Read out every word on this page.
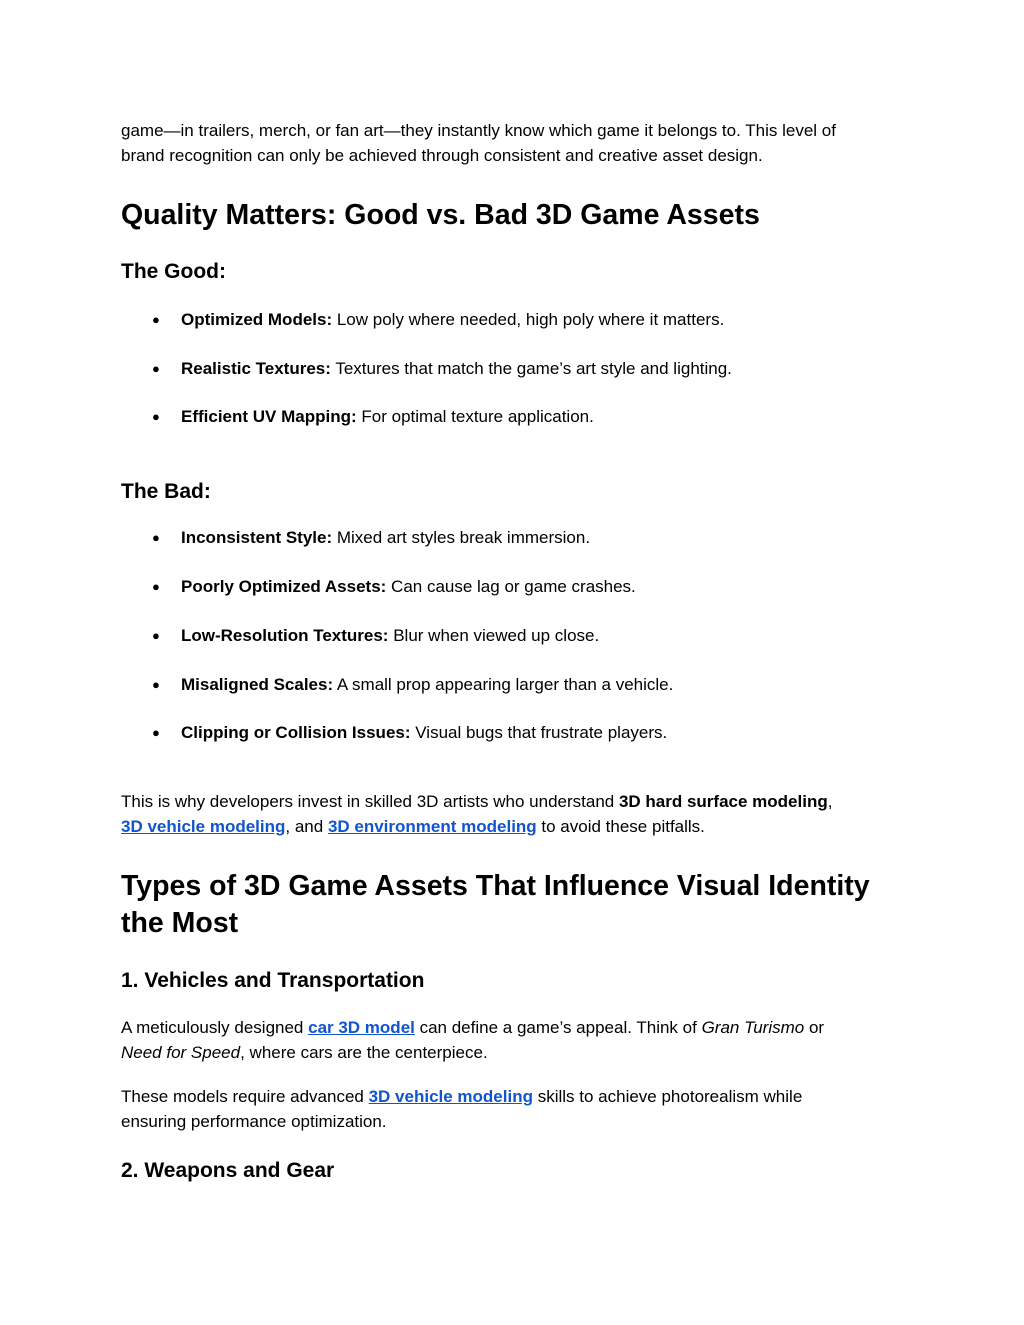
game—in trailers, merch, or fan art—they instantly know which game it belongs to. This level of
brand recognition can only be achieved through consistent and creative asset design.

Quality Matters: Good vs. Bad 3D Game Assets
The Good:
● Optimized Models: Low poly where needed, high poly where it matters.
● Realistic Textures: Textures that match the game’s art style and lighting.
● Efficient UV Mapping: For optimal texture application.
The Bad:
● Inconsistent Style: Mixed art styles break immersion.
● Poorly Optimized Assets: Can cause lag or game crashes.
● Low-Resolution Textures: Blur when viewed up close.
● Misaligned Scales: A small prop appearing larger than a vehicle.
● Clipping or Collision Issues: Visual bugs that frustrate players.

This is why developers invest in skilled 3D artists who understand 3D hard surface modeling,
3D vehicle modeling, and 3D environment modeling to avoid these pitfalls.

Types of 3D Game Assets That Influence Visual Identity the Most
1. Vehicles and Transportation

A meticulously designed car 3D model can define a game’s appeal. Think of Gran Turismo or
Need for Speed, where cars are the centerpiece.

These models require advanced 3D vehicle modeling skills to achieve photorealism while
ensuring performance optimization.

2. Weapons and Gear
